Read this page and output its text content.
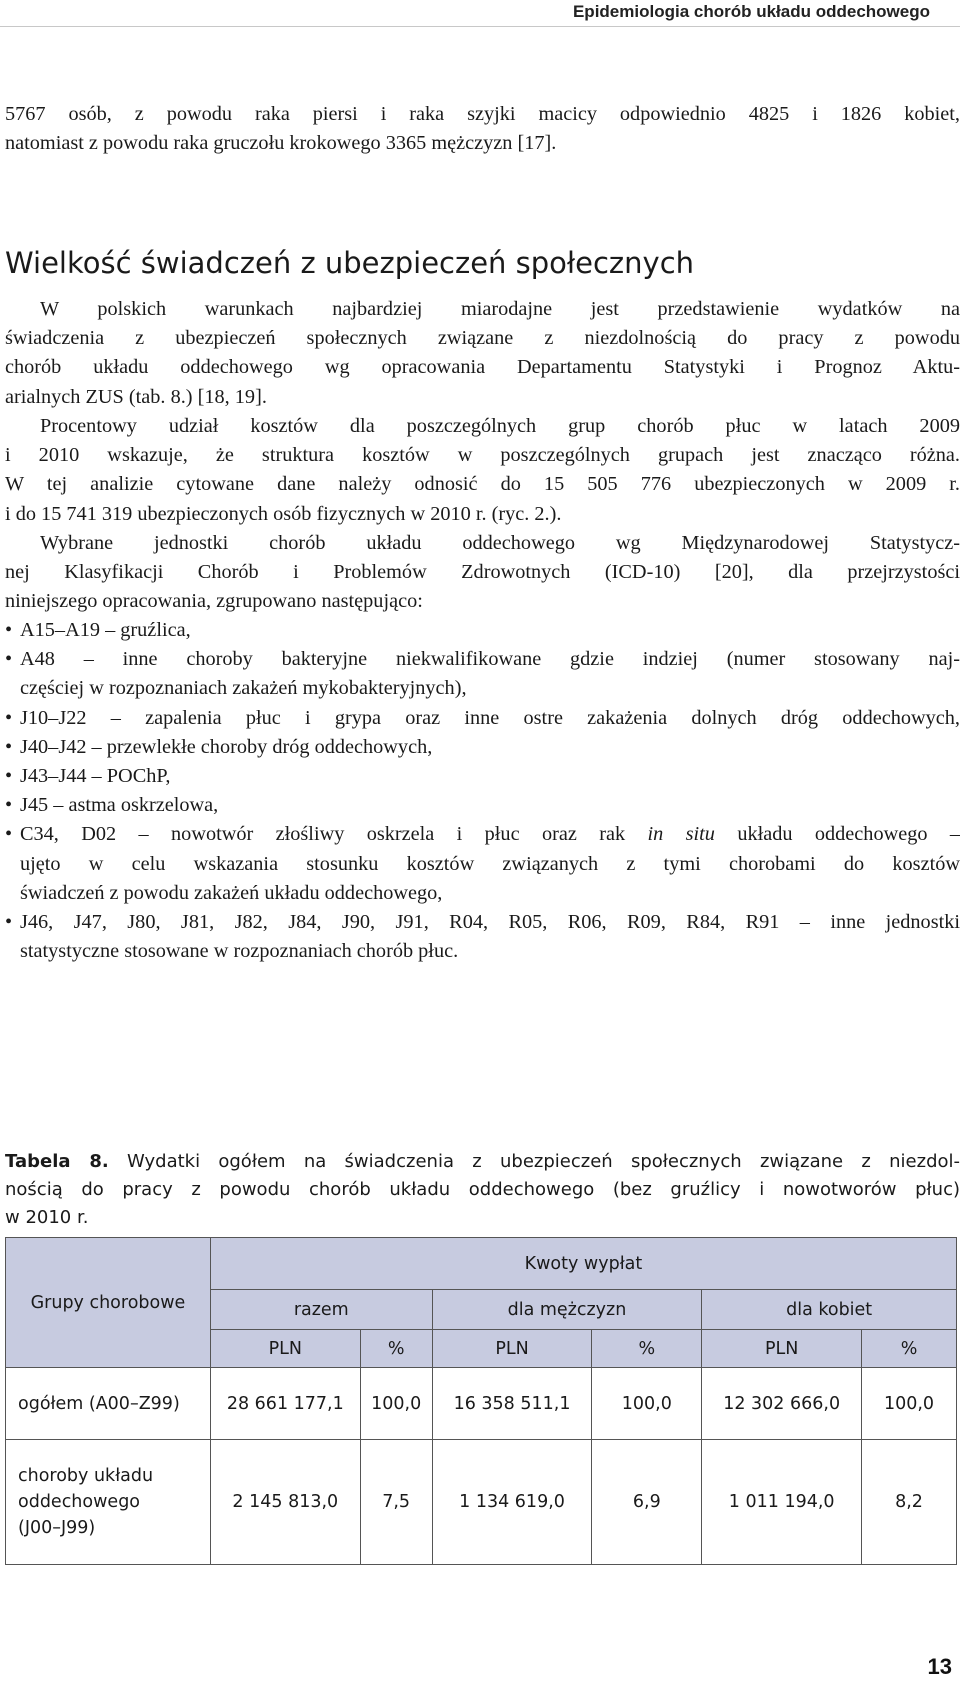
Epidemiologia chorób układu oddechowego
5767 osób, z powodu raka piersi i raka szyjki macicy odpowiednio 4825 i 1826 kobiet,
natomiast z powodu raka gruczołu krokowego 3365 mężczyzn [17].
Wielkość świadczeń z ubezpieczeń społecznych
W polskich warunkach najbardziej miarodajne jest przedstawienie wydatków na
świadczenia z ubezpieczeń społecznych związane z niezdolnością do pracy z powodu
chorób układu oddechowego wg opracowania Departamentu Statystyki i Prognoz Aktu-
arialnych ZUS (tab. 8.) [18, 19].
Procentowy udział kosztów dla poszczególnych grup chorób płuc w latach 2009
i 2010 wskazuje, że struktura kosztów w poszczególnych grupach jest znacząco różna.
W tej analizie cytowane dane należy odnosić do 15 505 776 ubezpieczonych w 2009 r.
i do 15 741 319 ubezpieczonych osób fizycznych w 2010 r. (ryc. 2.).
Wybrane jednostki chorób układu oddechowego wg Międzynarodowej Statystycz-
nej Klasyfikacji Chorób i Problemów Zdrowotnych (ICD-10) [20], dla przejrzystości
niniejszego opracowania, zgrupowano następująco:
• A15–A19 – gruźlica,
• A48 – inne choroby bakteryjne niekwalifikowane gdzie indziej (numer stosowany naj-
częściej w rozpoznaniach zakażeń mykobakteryjnych),
• J10–J22 – zapalenia płuc i grypa oraz inne ostre zakażenia dolnych dróg oddechowych,
• J40–J42 – przewlekłe choroby dróg oddechowych,
• J43–J44 – POChP,
• J45 – astma oskrzelowa,
• C34, D02 – nowotwór złośliwy oskrzela i płuc oraz rak in situ układu oddechowego –
ujęto w celu wskazania stosunku kosztów związanych z tymi chorobami do kosztów
świadczeń z powodu zakażeń układu oddechowego,
• J46, J47, J80, J81, J82, J84, J90, J91, R04, R05, R06, R09, R84, R91 – inne jednostki
statystyczne stosowane w rozpoznaniach chorób płuc.
Tabela 8. Wydatki ogółem na świadczenia z ubezpieczeń społecznych związane z niezdol-
nością do pracy z powodu chorób układu oddechowego (bez gruźlicy i nowotworów płuc)
w 2010 r.
Grupy chorobowe	Kwoty wypłat					
	razem		dla mężczyzn		dla kobiet	
	PLN	%	PLN	%	PLN	%
ogółem (A00–Z99)	28 661 177,1	100,0	16 358 511,1	100,0	12 302 666,0	100,0
choroby układu oddechowego (J00–J99)	2 145 813,0	7,5	1 134 619,0	6,9	1 011 194,0	8,2
13
